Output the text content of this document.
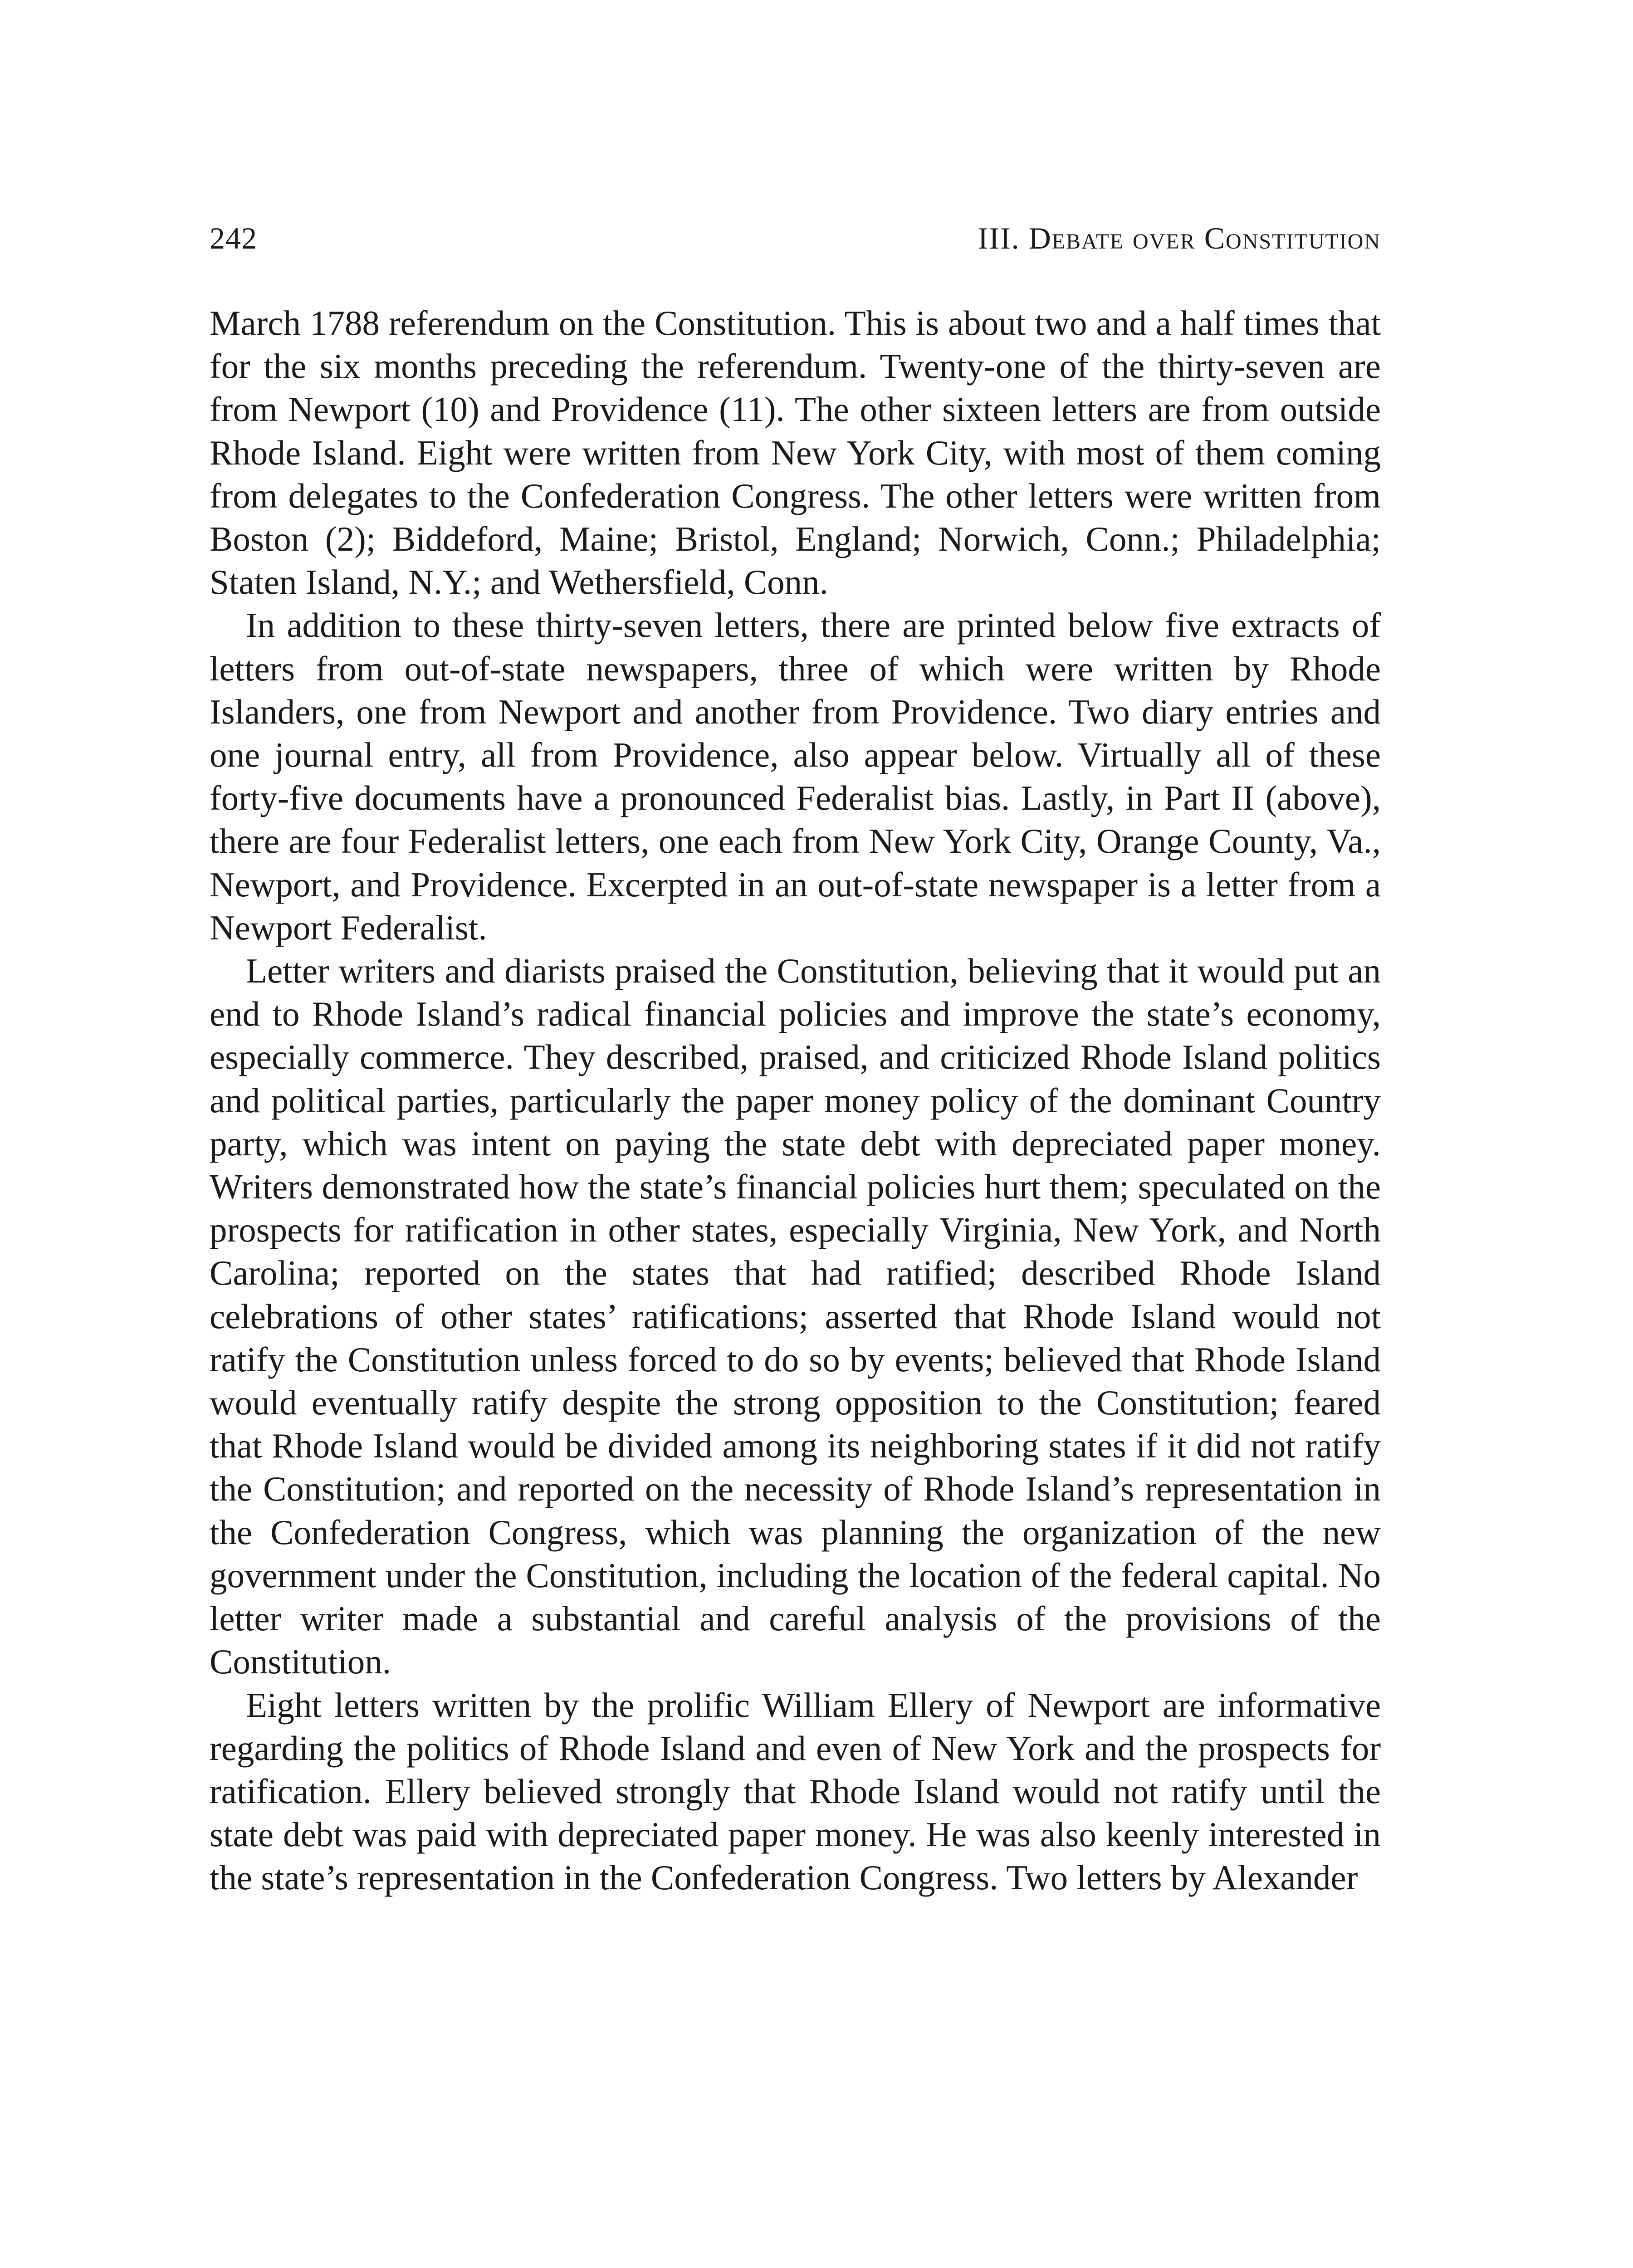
242	III. Debate over Constitution

March 1788 referendum on the Constitution. This is about two and a half times that for the six months preceding the referendum. Twenty-one of the thirty-seven are from Newport (10) and Providence (11). The other sixteen letters are from outside Rhode Island. Eight were written from New York City, with most of them coming from delegates to the Confederation Congress. The other letters were written from Boston (2); Biddeford, Maine; Bristol, England; Norwich, Conn.; Philadelphia; Staten Island, N.Y.; and Wethersfield, Conn.

In addition to these thirty-seven letters, there are printed below five extracts of letters from out-of-state newspapers, three of which were written by Rhode Islanders, one from Newport and another from Providence. Two diary entries and one journal entry, all from Providence, also appear below. Virtually all of these forty-five documents have a pronounced Federalist bias. Lastly, in Part II (above), there are four Federalist letters, one each from New York City, Orange County, Va., Newport, and Providence. Excerpted in an out-of-state newspaper is a letter from a Newport Federalist.

Letter writers and diarists praised the Constitution, believing that it would put an end to Rhode Island’s radical financial policies and improve the state’s economy, especially commerce. They described, praised, and criticized Rhode Island politics and political parties, particularly the paper money policy of the dominant Country party, which was intent on paying the state debt with depreciated paper money. Writers demonstrated how the state’s financial policies hurt them; speculated on the prospects for ratification in other states, especially Virginia, New York, and North Carolina; reported on the states that had ratified; described Rhode Island celebrations of other states’ ratifications; asserted that Rhode Island would not ratify the Constitution unless forced to do so by events; believed that Rhode Island would eventually ratify despite the strong opposition to the Constitution; feared that Rhode Island would be divided among its neighboring states if it did not ratify the Constitution; and reported on the necessity of Rhode Island’s representation in the Confederation Congress, which was planning the organization of the new government under the Constitution, including the location of the federal capital. No letter writer made a substantial and careful analysis of the provisions of the Constitution.

Eight letters written by the prolific William Ellery of Newport are informative regarding the politics of Rhode Island and even of New York and the prospects for ratification. Ellery believed strongly that Rhode Island would not ratify until the state debt was paid with depreciated paper money. He was also keenly interested in the state’s representation in the Confederation Congress. Two letters by Alexander
